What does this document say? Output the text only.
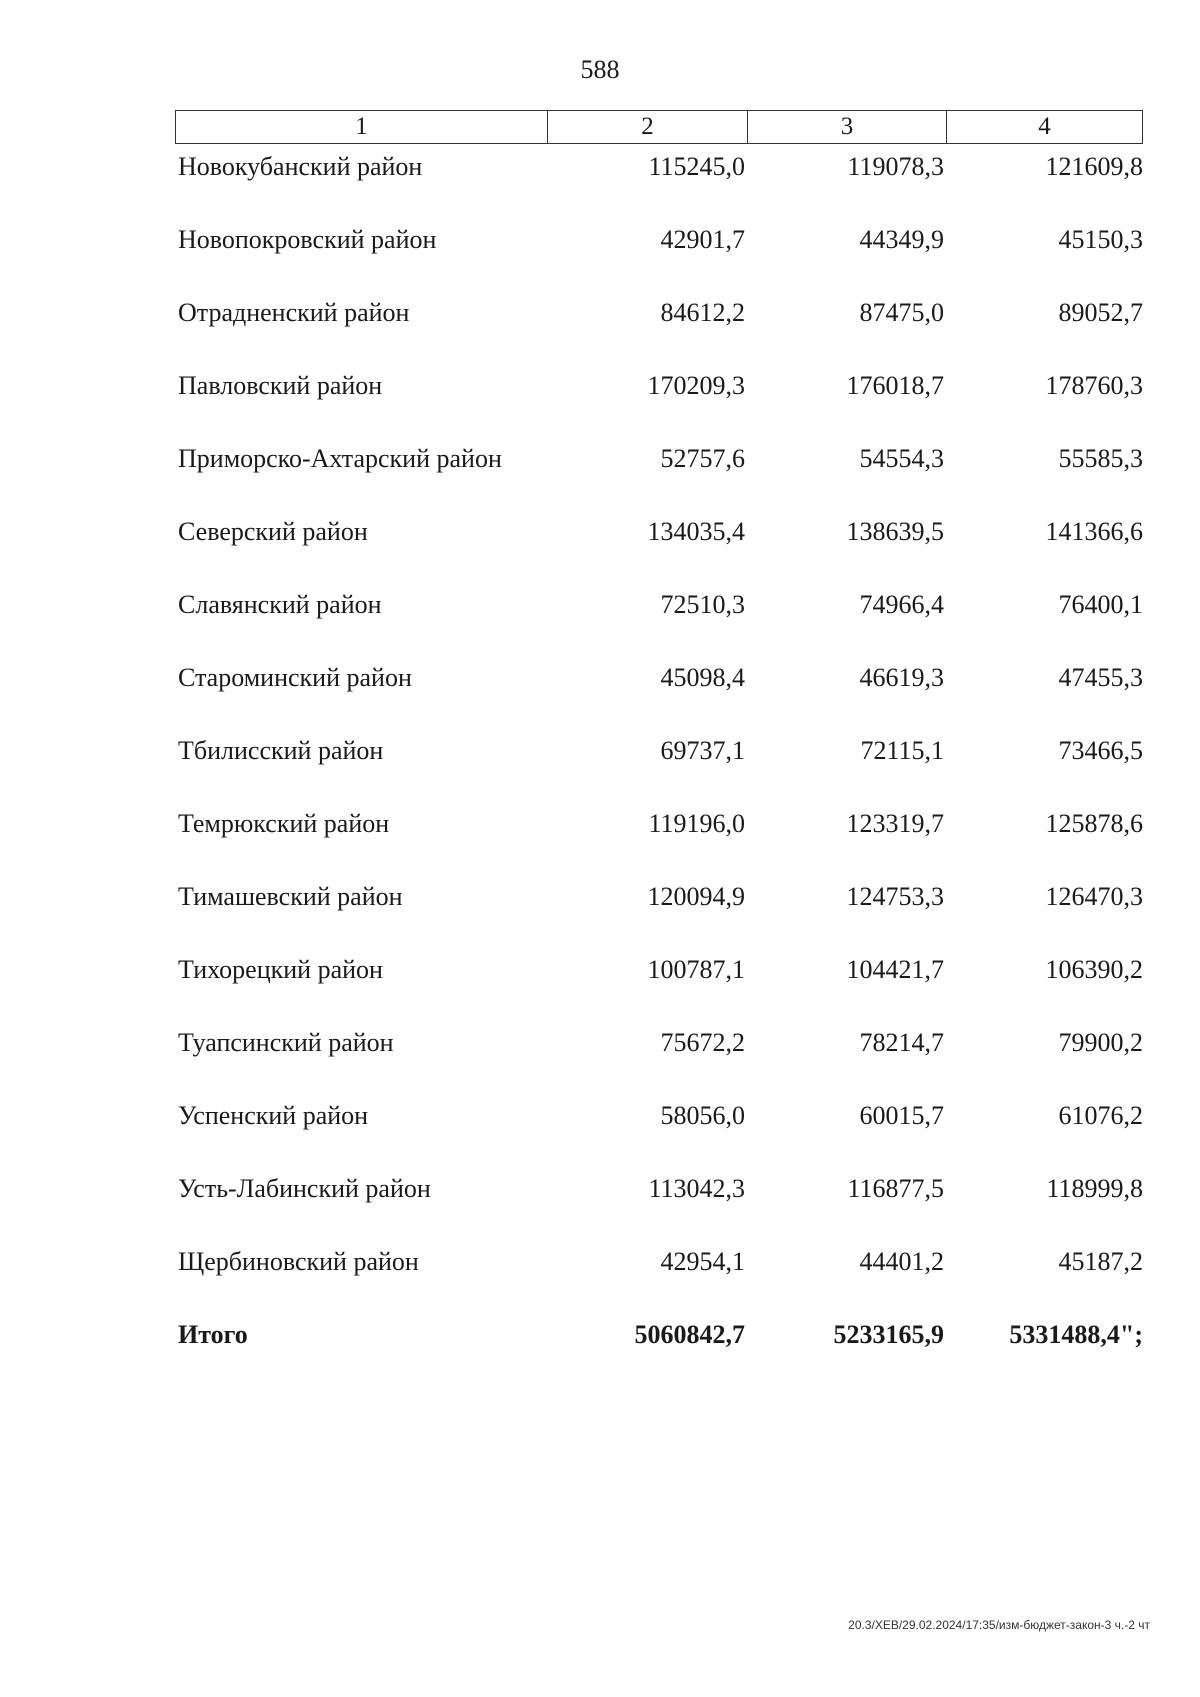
588
1	2	3	4
Новокубанский район	115245,0	119078,3	121609,8
Новопокровский район	42901,7	44349,9	45150,3
Отрадненский район	84612,2	87475,0	89052,7
Павловский район	170209,3	176018,7	178760,3
Приморско-Ахтарский район	52757,6	54554,3	55585,3
Северский район	134035,4	138639,5	141366,6
Славянский район	72510,3	74966,4	76400,1
Староминский район	45098,4	46619,3	47455,3
Тбилисский район	69737,1	72115,1	73466,5
Темрюкский район	119196,0	123319,7	125878,6
Тимашевский район	120094,9	124753,3	126470,3
Тихорецкий район	100787,1	104421,7	106390,2
Туапсинский район	75672,2	78214,7	79900,2
Успенский район	58056,0	60015,7	61076,2
Усть-Лабинский район	113042,3	116877,5	118999,8
Щербиновский район	42954,1	44401,2	45187,2
Итого	5060842,7	5233165,9	5331488,4";
20.3/ХЕВ/29.02.2024/17:35/изм-бюджет-закон-3 ч.-2 чт
